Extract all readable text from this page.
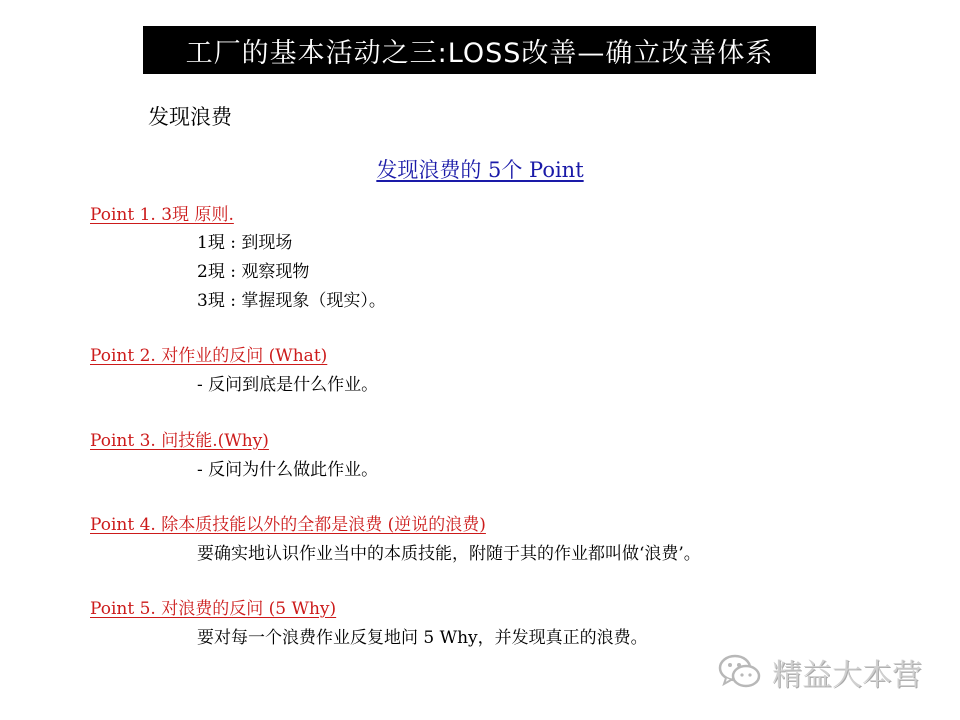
工厂的基本活动之三:LOSS改善—确立改善体系
发现浪费
发现浪费的 5个 Point
Point 1. 3現 原则.
1現 : 到现场
2現 : 观察现物
3現 : 掌握现象（现实）。
Point 2. 对作业的反问 (What)
- 反问到底是什么作业。
Point 3. 问技能.(Why)
- 反问为什么做此作业。
Point 4. 除本质技能以外的全都是浪费 (逆说的浪费)
要确实地认识作业当中的本质技能，附随于其的作业都叫做‘浪费’。
Point 5. 对浪费的反问 (5 Why)
要对每一个浪费作业反复地问 5 Why，并发现真正的浪费。
精益大本营
